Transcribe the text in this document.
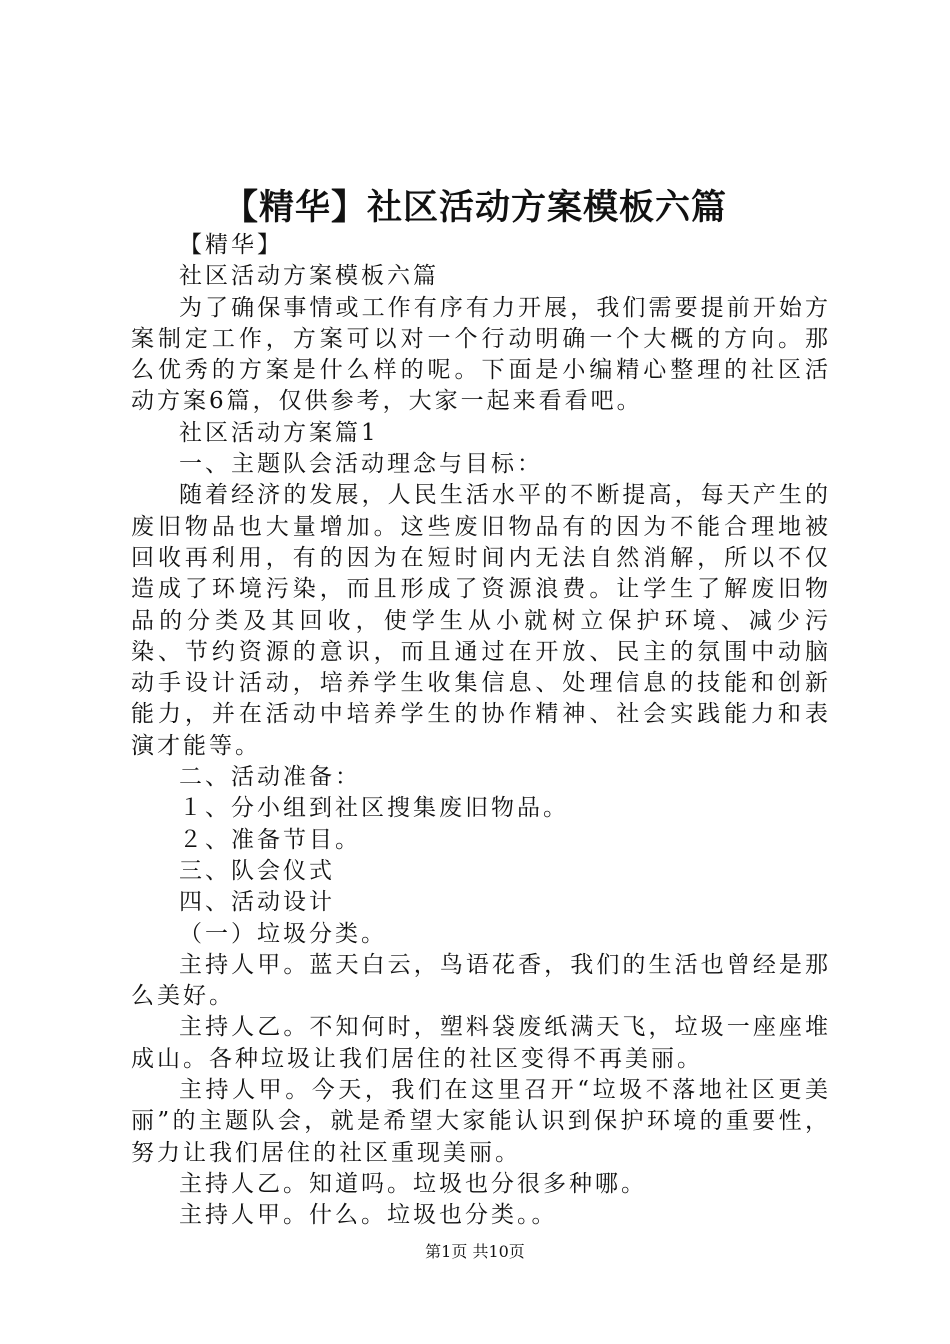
【精华】社区活动方案模板六篇

【精华】

社区活动方案模板六篇

为了确保事情或工作有序有力开展，我们需要提前开始方案制定工作，方案可以对一个行动明确一个大概的方向。那么优秀的方案是什么样的呢。下面是小编精心整理的社区活动方案6篇，仅供参考，大家一起来看看吧。

社区活动方案篇1

一、主题队会活动理念与目标：

随着经济的发展，人民生活水平的不断提高，每天产生的废旧物品也大量增加。这些废旧物品有的因为不能合理地被回收再利用，有的因为在短时间内无法自然消解，所以不仅造成了环境污染，而且形成了资源浪费。让学生了解废旧物品的分类及其回收，使学生从小就树立保护环境、减少污染、节约资源的意识，而且通过在开放、民主的氛围中动脑动手设计活动，培养学生收集信息、处理信息的技能和创新能力，并在活动中培养学生的协作精神、社会实践能力和表演才能等。

二、活动准备：

１、分小组到社区搜集废旧物品。

２、准备节目。

三、队会仪式

四、活动设计

（一）垃圾分类。

主持人甲。蓝天白云，鸟语花香，我们的生活也曾经是那么美好。

主持人乙。不知何时，塑料袋废纸满天飞，垃圾一座座堆成山。各种垃圾让我们居住的社区变得不再美丽。

主持人甲。今天，我们在这里召开“垃圾不落地社区更美丽”的主题队会，就是希望大家能认识到保护环境的重要性，努力让我们居住的社区重现美丽。

主持人乙。知道吗。垃圾也分很多种哪。

主持人甲。什么。垃圾也分类。。

第1页 共10页
